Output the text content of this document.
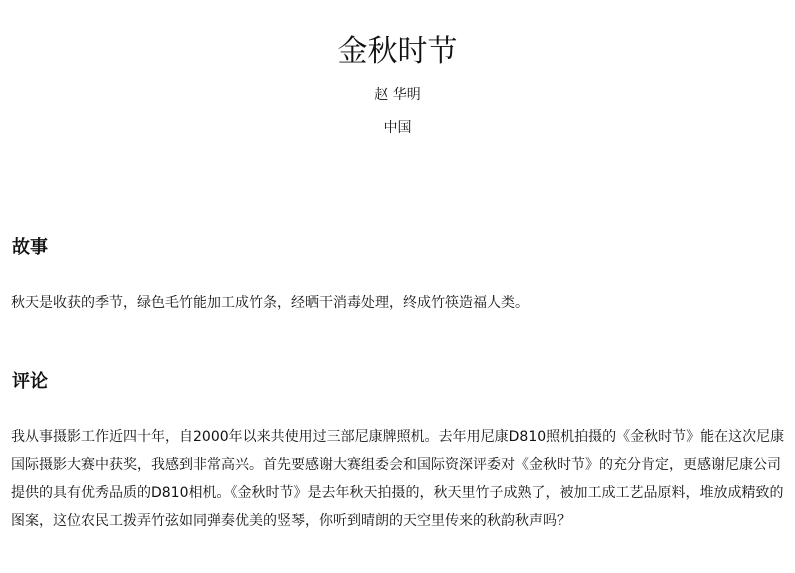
金秋时节
赵 华明
中国
故事

秋天是收获的季节，绿色毛竹能加工成竹条，经晒干消毒处理，终成竹筷造福人类。

评论

我从事摄影工作近四十年，自2000年以来共使用过三部尼康牌照机。去年用尼康D810照机拍摄的《金秋时节》能在这次尼康国际摄影大赛中获奖，我感到非常高兴。首先要感谢大赛组委会和国际资深评委对《金秋时节》的充分肯定，更感谢尼康公司提供的具有优秀品质的D810相机。《金秋时节》是去年秋天拍摄的，秋天里竹子成熟了，被加工成工艺品原料，堆放成精致的图案，这位农民工拨弄竹弦如同弹奏优美的竖琴，你听到晴朗的天空里传来的秋韵秋声吗？
